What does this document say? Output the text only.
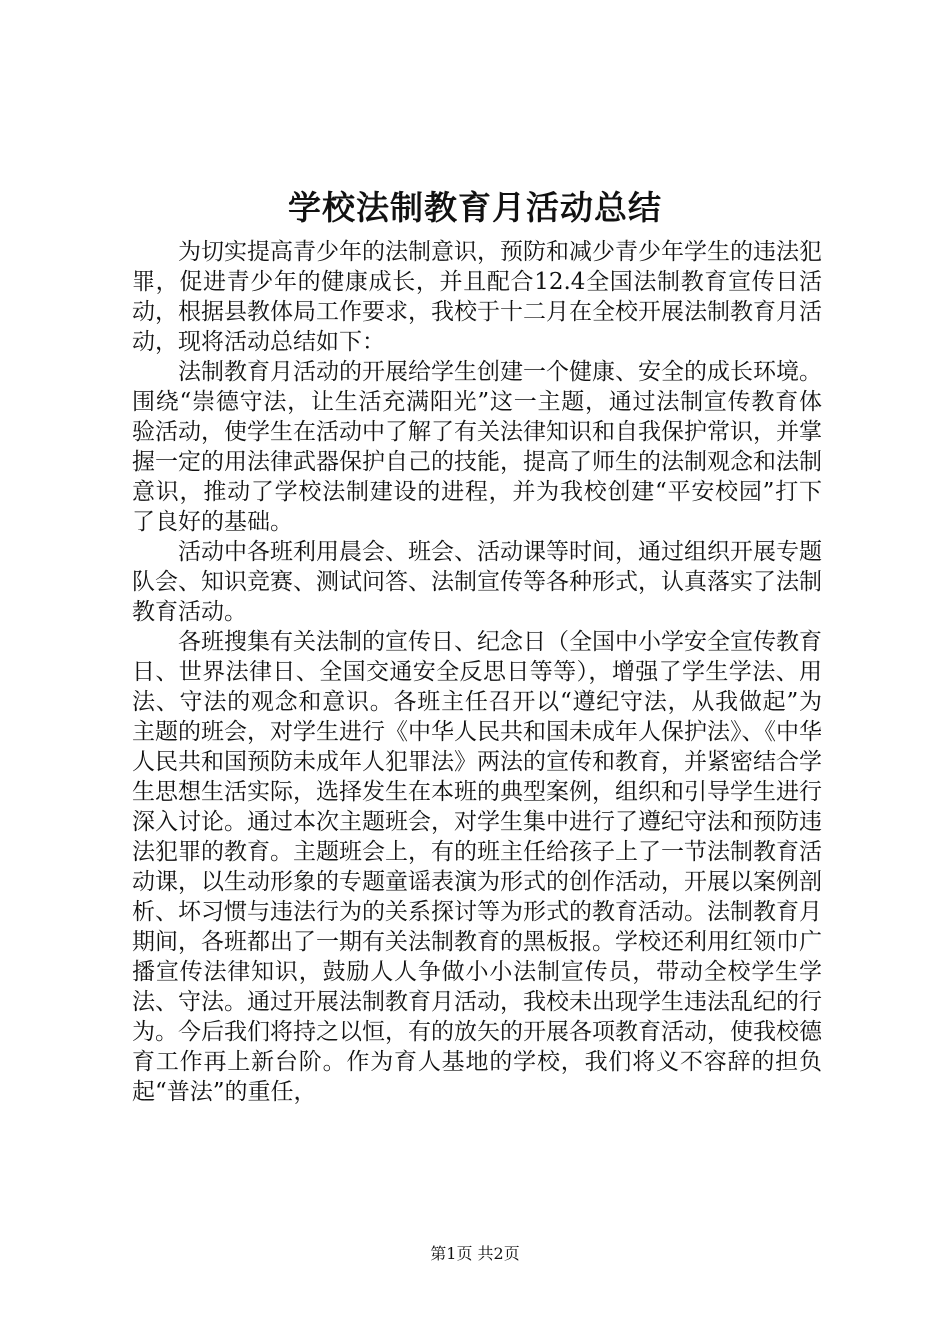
学校法制教育月活动总结

为切实提高青少年的法制意识，预防和减少青少年学生的违法犯罪，促进青少年的健康成长，并且配合12.4全国法制教育宣传日活动，根据县教体局工作要求，我校于十二月在全校开展法制教育月活动，现将活动总结如下：

法制教育月活动的开展给学生创建一个健康、安全的成长环境。围绕“崇德守法，让生活充满阳光”这一主题，通过法制宣传教育体验活动，使学生在活动中了解了有关法律知识和自我保护常识，并掌握一定的用法律武器保护自己的技能，提高了师生的法制观念和法制意识，推动了学校法制建设的进程，并为我校创建“平安校园”打下了良好的基础。

活动中各班利用晨会、班会、活动课等时间，通过组织开展专题队会、知识竞赛、测试问答、法制宣传等各种形式，认真落实了法制教育活动。

各班搜集有关法制的宣传日、纪念日（全国中小学安全宣传教育日、世界法律日、全国交通安全反思日等等），增强了学生学法、用法、守法的观念和意识。各班主任召开以“遵纪守法，从我做起”为主题的班会，对学生进行《中华人民共和国未成年人保护法》、《中华人民共和国预防未成年人犯罪法》两法的宣传和教育，并紧密结合学生思想生活实际，选择发生在本班的典型案例，组织和引导学生进行深入讨论。通过本次主题班会，对学生集中进行了遵纪守法和预防违法犯罪的教育。主题班会上，有的班主任给孩子上了一节法制教育活动课，以生动形象的专题童谣表演为形式的创作活动，开展以案例剖析、坏习惯与违法行为的关系探讨等为形式的教育活动。法制教育月期间，各班都出了一期有关法制教育的黑板报。学校还利用红领巾广播宣传法律知识，鼓励人人争做小小法制宣传员，带动全校学生学法、守法。通过开展法制教育月活动，我校未出现学生违法乱纪的行为。今后我们将持之以恒，有的放矢的开展各项教育活动，使我校德育工作再上新台阶。作为育人基地的学校，我们将义不容辞的担负起“普法”的重任，

第1页 共2页
